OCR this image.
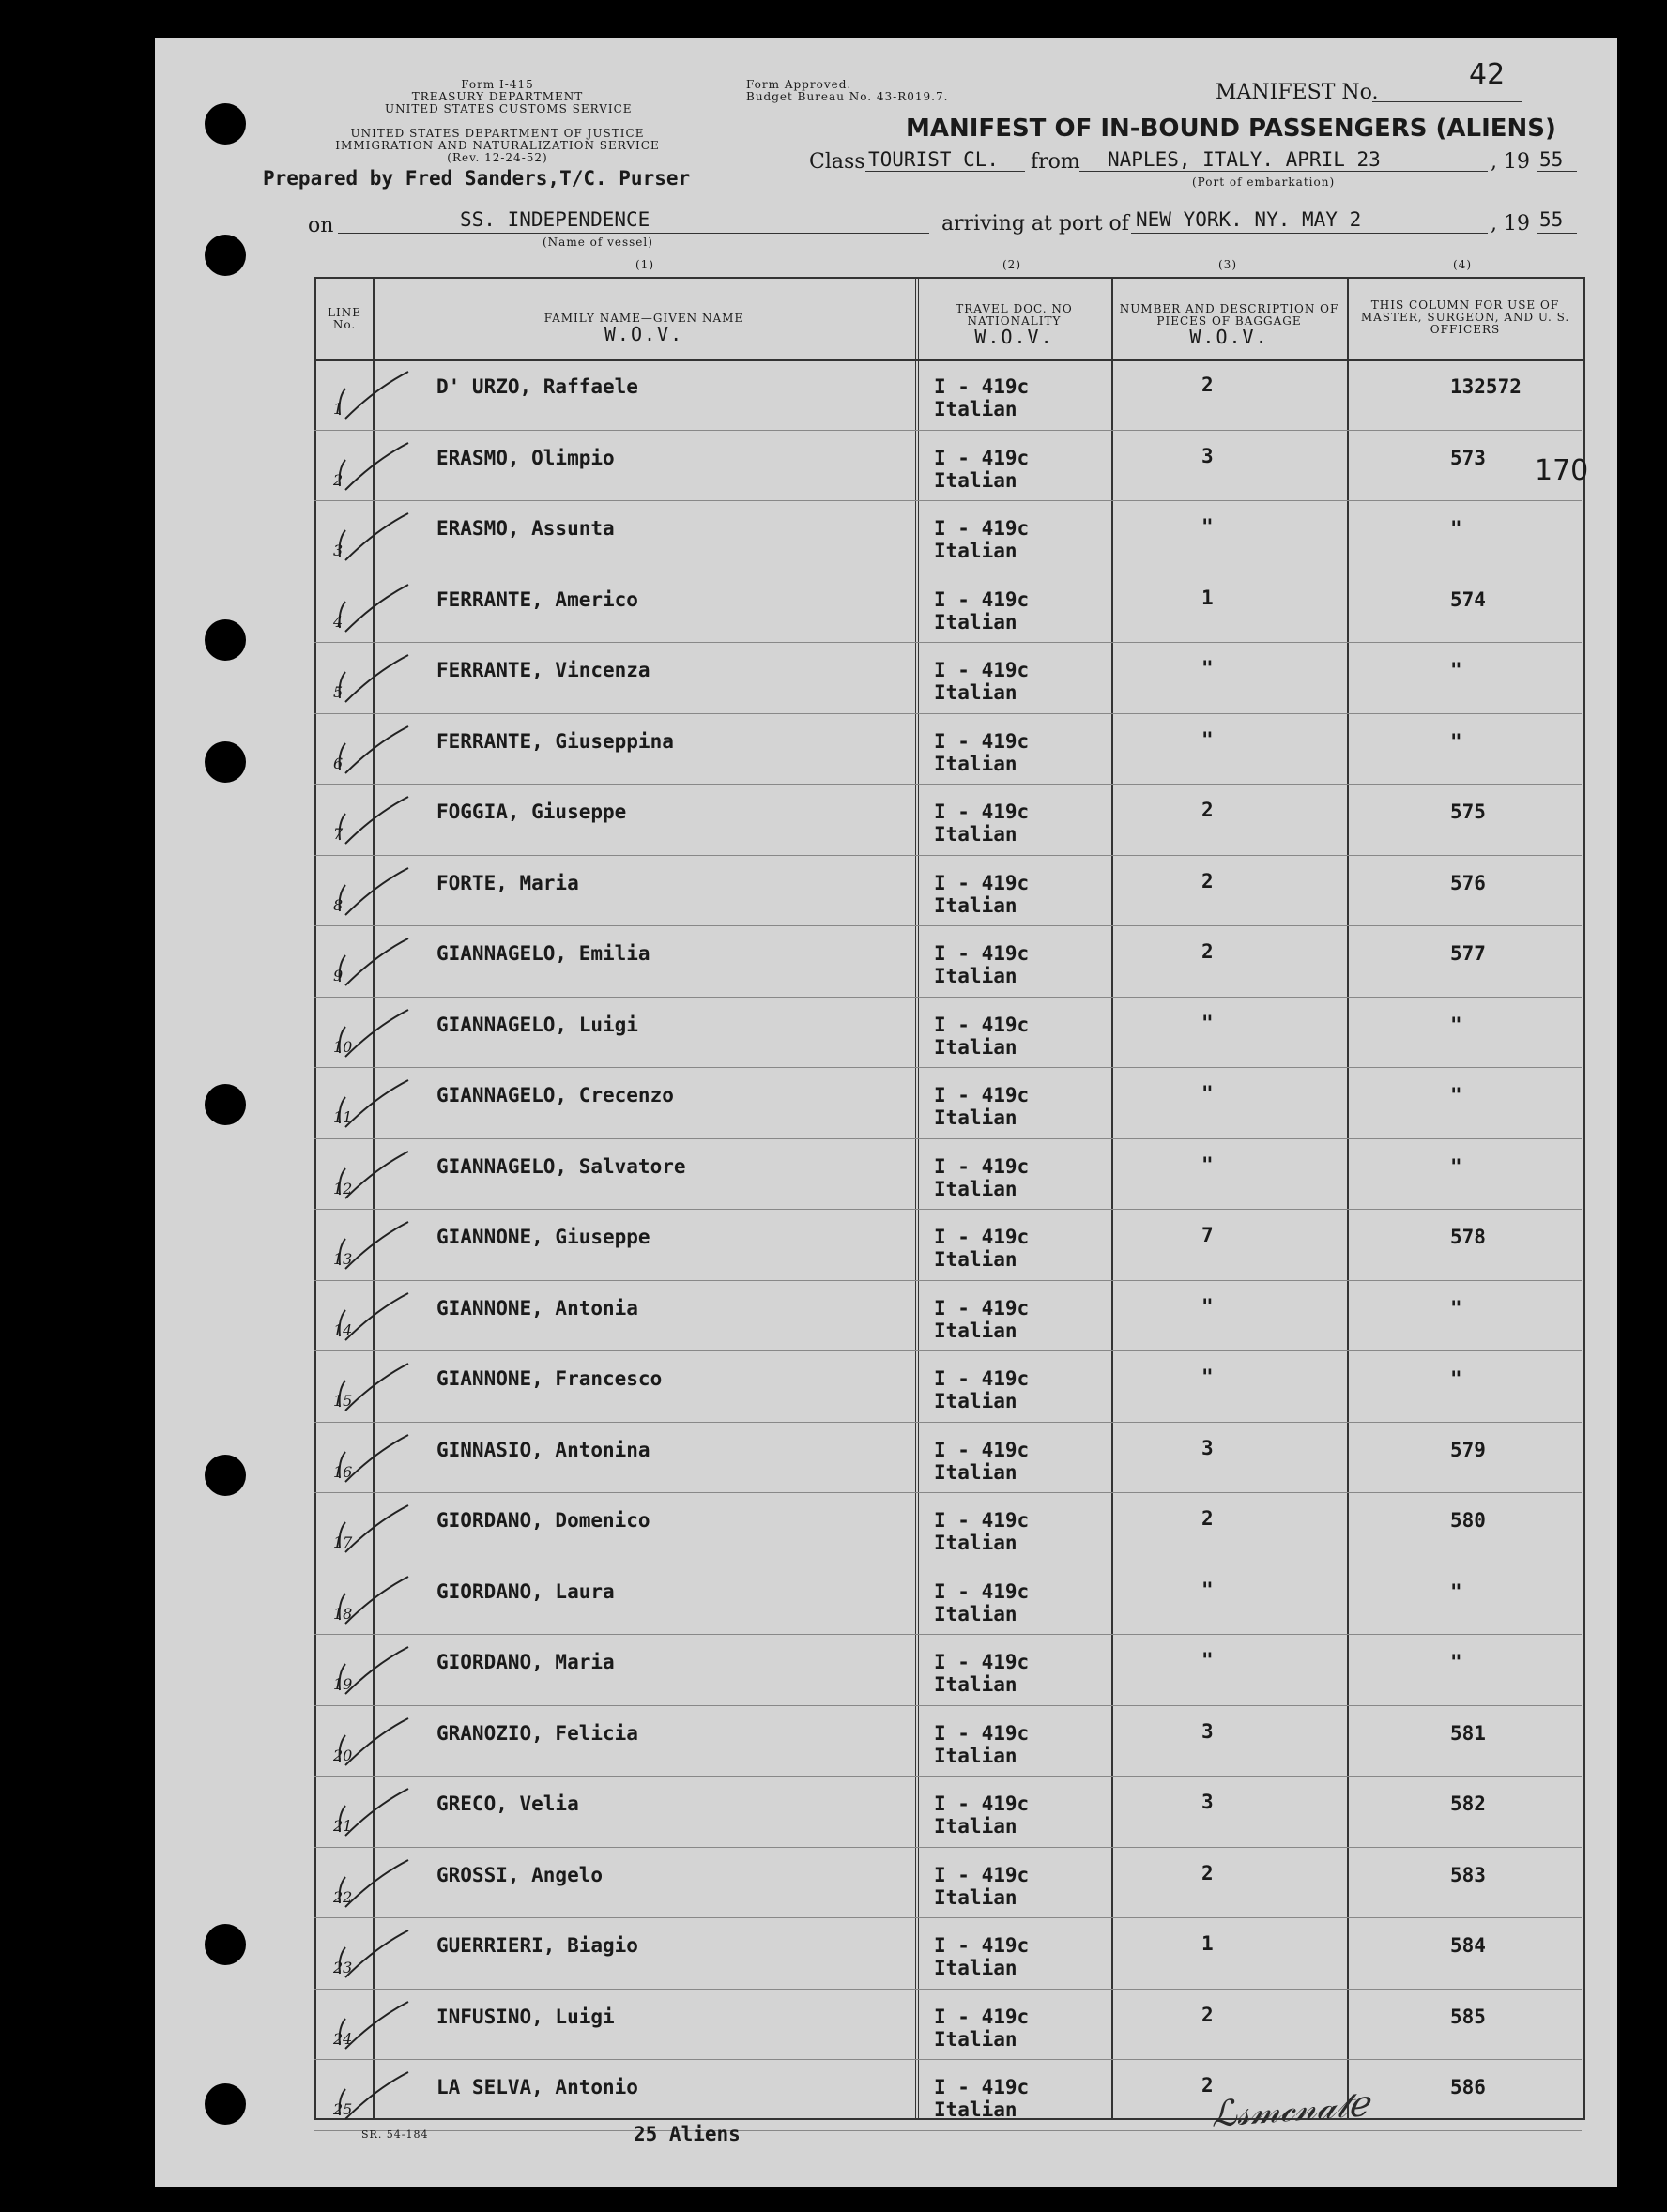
Form I-415
TREASURY DEPARTMENT
UNITED STATES CUSTOMS SERVICE
UNITED STATES DEPARTMENT OF JUSTICE
IMMIGRATION AND NATURALIZATION SERVICE
(Rev. 12-24-52)
Prepared by Fred Sanders,T/C. Purser
Form Approved.
Budget Bureau No. 43-R019.7.	MANIFEST No.
42
MANIFEST OF IN-BOUND PASSENGERS (ALIENS)
Class TOURIST CL. from NAPLES, ITALY. APRIL 23	, 19 55
(Port of embarkation)
on	SS. INDEPENDENCE
(Name of vessel)
arriving at port of NEW YORK. NY. MAY 2	, 19 55
(1)	(2)	(3)	(4)
LINE No.	FAMILY NAME—GIVEN NAME
W.O.V.
TRAVEL DOC. NO NATIONALITY
W.O.V.
NUMBER AND DESCRIPTION OF PIECES OF BAGGAGE
W.O.V.
THIS COLUMN FOR USE OF MASTER, SURGEON, AND U. S. OFFICERS
1
D' URZO, Raffaele	I - 419c
Italian
2	132572
2
ERASMO, Olimpio	I - 419c
Italian
3	573 170
3
ERASMO, Assunta	I - 419c
Italian
"	"
4
FERRANTE, Americo	I - 419c
Italian
1	574
5
FERRANTE, Vincenza	I - 419c
Italian
"	"
6
FERRANTE, Giuseppina	I - 419c
Italian
"	"
7
FOGGIA, Giuseppe	I - 419c
Italian
2	575
8
FORTE, Maria	I - 419c
Italian
2	576
9
GIANNAGELO, Emilia	I - 419c
Italian
2	577
10
GIANNAGELO, Luigi	I - 419c
Italian
"	"
11
GIANNAGELO, Crecenzo	I - 419c
Italian
"	"
12
GIANNAGELO, Salvatore	I - 419c
Italian
"	"
13
GIANNONE, Giuseppe	I - 419c
Italian
7	578
14
GIANNONE, Antonia	I - 419c
Italian
"	"
15
GIANNONE, Francesco	I - 419c
Italian
"	"
16
GINNASIO, Antonina	I - 419c
Italian
3	579
17
GIORDANO, Domenico	I - 419c
Italian
2	580
18
GIORDANO, Laura	I - 419c
Italian
"	"
19
GIORDANO, Maria	I - 419c
Italian
"	"
20
GRANOZIO, Felicia	I - 419c
Italian
3	581
21
GRECO, Velia	I - 419c
Italian
3	582
22
GROSSI, Angelo	I - 419c
Italian
2	583
23
GUERRIERI, Biagio	I - 419c
Italian
1	584
24
INFUSINO, Luigi	I - 419c
Italian
2	585
25
LA SELVA, Antonio	I - 419c
Italian
2	586
SR. 54-184	25 Aliens	ℒ𝓈𝓂𝒸𝓃𝒶𝓉ℯ
